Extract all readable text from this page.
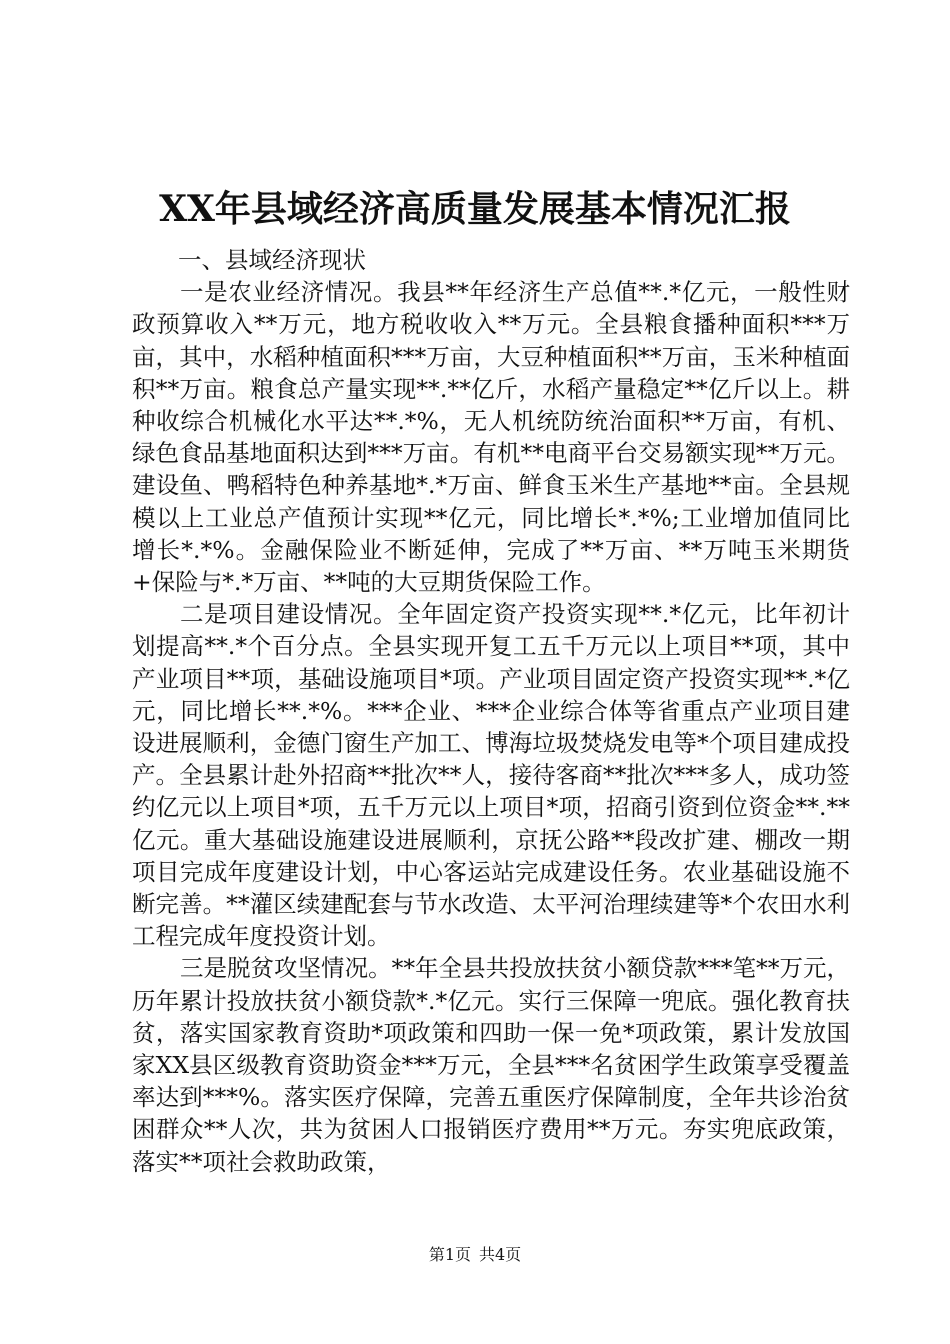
XX年县域经济高质量发展基本情况汇报

一、县域经济现状

一是农业经济情况。我县**年经济生产总值**.*亿元，一般性财政预算收入**万元，地方税收收入**万元。全县粮食播种面积***万亩，其中，水稻种植面积***万亩，大豆种植面积**万亩，玉米种植面积**万亩。粮食总产量实现**.**亿斤，水稻产量稳定**亿斤以上。耕种收综合机械化水平达**.*%，无人机统防统治面积**万亩，有机、绿色食品基地面积达到***万亩。有机**电商平台交易额实现**万元。建设鱼、鸭稻特色种养基地*.*万亩、鲜食玉米生产基地**亩。全县规模以上工业总产值预计实现**亿元，同比增长*.*%;工业增加值同比增长*.*%。金融保险业不断延伸，完成了**万亩、**万吨玉米期货+保险与*.*万亩、**吨的大豆期货保险工作。

二是项目建设情况。全年固定资产投资实现**.*亿元，比年初计划提高**.*个百分点。全县实现开复工五千万元以上项目**项，其中产业项目**项，基础设施项目*项。产业项目固定资产投资实现**.*亿元，同比增长**.*%。***企业、***企业综合体等省重点产业项目建设进展顺利，金德门窗生产加工、博海垃圾焚烧发电等*个项目建成投产。全县累计赴外招商**批次**人，接待客商**批次***多人，成功签约亿元以上项目*项，五千万元以上项目*项，招商引资到位资金**.**亿元。重大基础设施建设进展顺利，京抚公路**段改扩建、棚改一期项目完成年度建设计划，中心客运站完成建设任务。农业基础设施不断完善。**灌区续建配套与节水改造、太平河治理续建等*个农田水利工程完成年度投资计划。

三是脱贫攻坚情况。**年全县共投放扶贫小额贷款***笔**万元，历年累计投放扶贫小额贷款*.*亿元。实行三保障一兜底。强化教育扶贫，落实国家教育资助*项政策和四助一保一免*项政策，累计发放国家XX县区级教育资助资金***万元，全县***名贫困学生政策享受覆盖率达到***%。落实医疗保障，完善五重医疗保障制度，全年共诊治贫困群众**人次，共为贫困人口报销医疗费用**万元。夯实兜底政策，落实**项社会救助政策，

第1页 共4页
